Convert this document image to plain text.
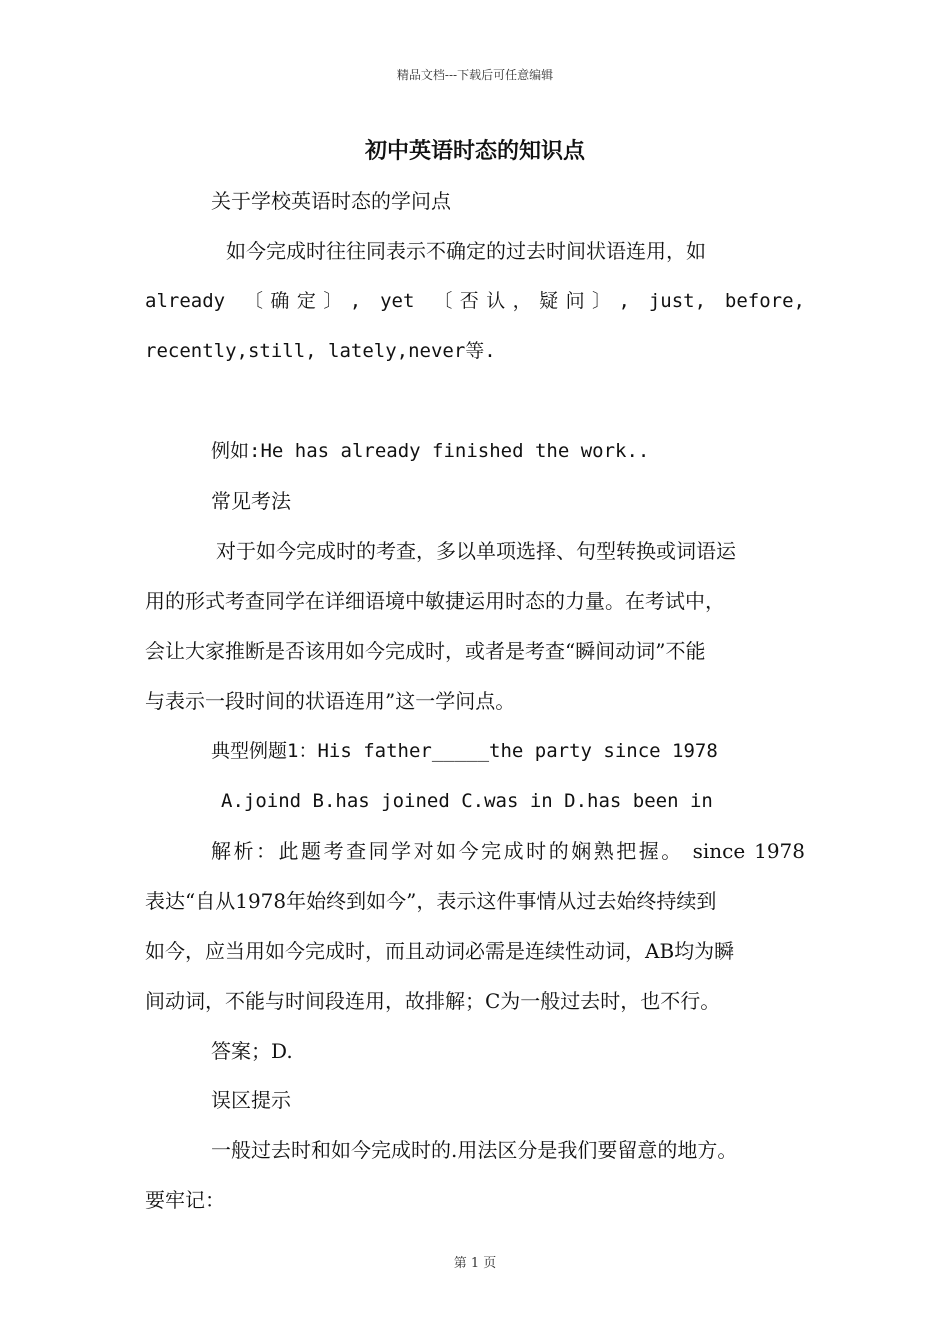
精品文档---下载后可任意编辑
初中英语时态的知识点
关于学校英语时态的学问点
如今完成时往往同表示不确定的过去时间状语连用，如
already 〔确定〕, yet 〔否认，疑问〕, just, before,
recently,still, lately,never等.
例如:He has already finished the work..
常见考法
对于如今完成时的考查，多以单项选择、句型转换或词语运
用的形式考查同学在详细语境中敏捷运用时态的力量。在考试中，
会让大家推断是否该用如今完成时，或者是考查“瞬间动词”不能
与表示一段时间的状语连用”这一学问点。
典型例题1：His father_____the party since 1978
A.joind B.has joined C.was in D.has been in
解析：此题考查同学对如今完成时的娴熟把握。 since 1978
表达“自从1978年始终到如今”，表示这件事情从过去始终持续到
如今，应当用如今完成时，而且动词必需是连续性动词，AB均为瞬
间动词，不能与时间段连用，故排解；C为一般过去时，也不行。
答案；D.
误区提示
一般过去时和如今完成时的.用法区分是我们要留意的地方。
要牢记：
第 1 页
